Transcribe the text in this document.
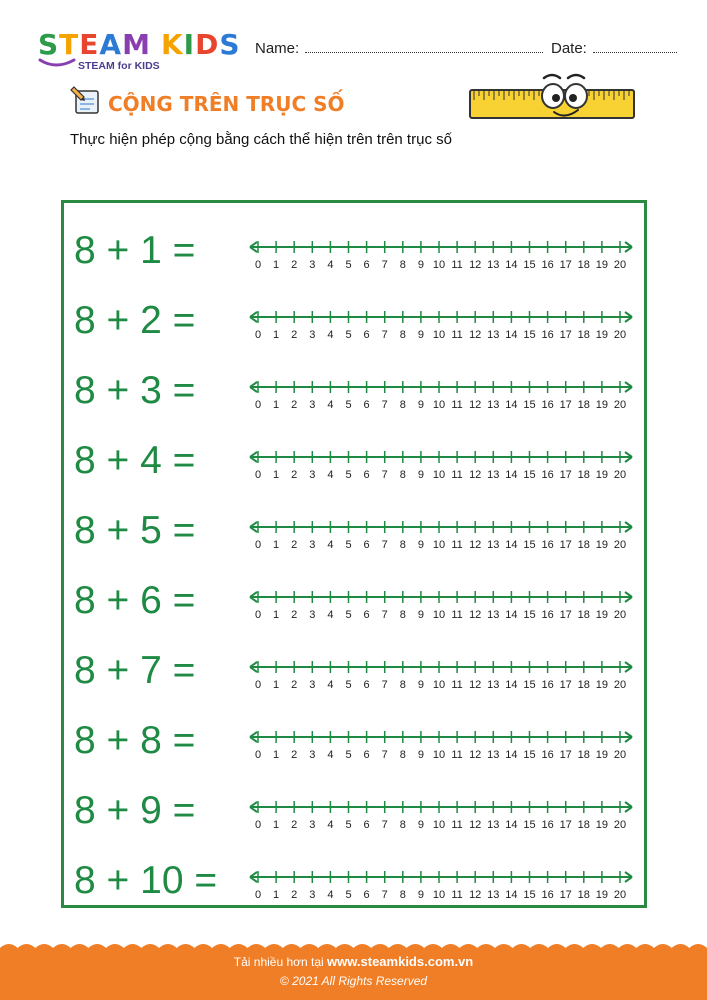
STEAM KIDS
STEAM for KIDS
Name:	Date:
CỘNG TRÊN TRỤC SỐ
Thực hiện phép cộng bằng cách thể hiện trên trên trục số
8 + 1 =	0 1 2 3 4 5 6 7 8 9 10 11 12 13 14 15 16 17 18 19 20
8 + 2 =	0 1 2 3 4 5 6 7 8 9 10 11 12 13 14 15 16 17 18 19 20
8 + 3 =	0 1 2 3 4 5 6 7 8 9 10 11 12 13 14 15 16 17 18 19 20
8 + 4 =	0 1 2 3 4 5 6 7 8 9 10 11 12 13 14 15 16 17 18 19 20
8 + 5 =	0 1 2 3 4 5 6 7 8 9 10 11 12 13 14 15 16 17 18 19 20
8 + 6 =	0 1 2 3 4 5 6 7 8 9 10 11 12 13 14 15 16 17 18 19 20
8 + 7 =	0 1 2 3 4 5 6 7 8 9 10 11 12 13 14 15 16 17 18 19 20
8 + 8 =	0 1 2 3 4 5 6 7 8 9 10 11 12 13 14 15 16 17 18 19 20
8 + 9 =	0 1 2 3 4 5 6 7 8 9 10 11 12 13 14 15 16 17 18 19 20
8 + 10 =	0 1 2 3 4 5 6 7 8 9 10 11 12 13 14 15 16 17 18 19 20
Tải nhiều hơn tại www.steamkids.com.vn
© 2021 All Rights Reserved
